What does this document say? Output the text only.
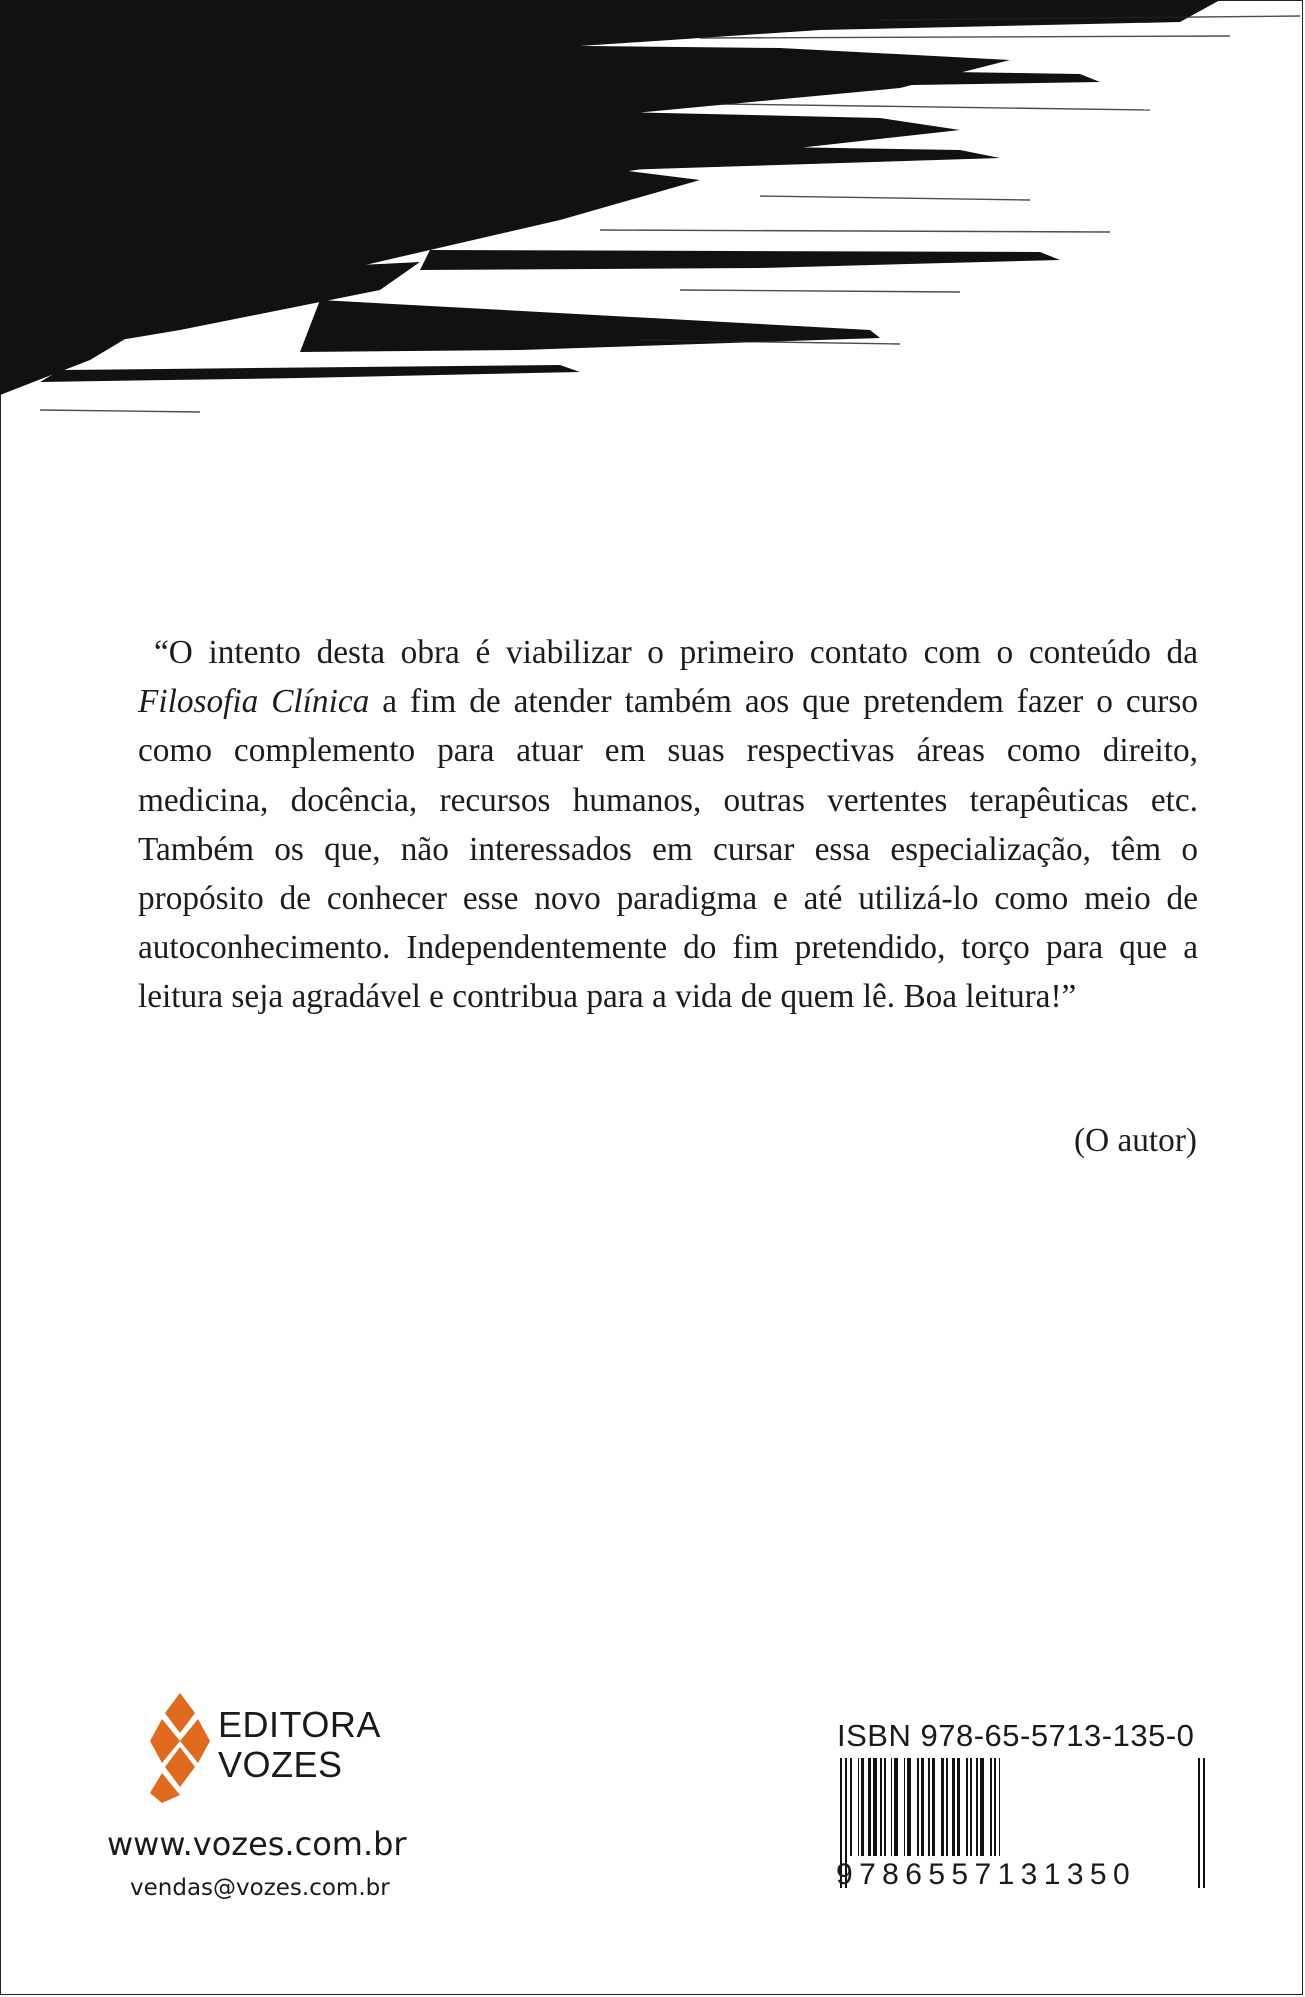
“O intento desta obra é viabilizar o primeiro contato com o conteúdo da Filosofia Clínica a fim de atender também aos que pretendem fazer o curso como complemento para atuar em suas respectivas áreas como direito, medicina, docência, recursos humanos, outras vertentes terapêuticas etc. Também os que, não interessados em cursar essa especialização, têm o propósito de conhecer esse novo paradigma e até utilizá-lo como meio de autoconhecimento. Independentemente do fim pretendido, torço para que a leitura seja agradável e contribua para a vida de quem lê. Boa leitura!”

(O autor)
EDITORA
VOZES
www.vozes.com.br
vendas@vozes.com.br
ISBN 978-65-5713-135-0
9786557131350
